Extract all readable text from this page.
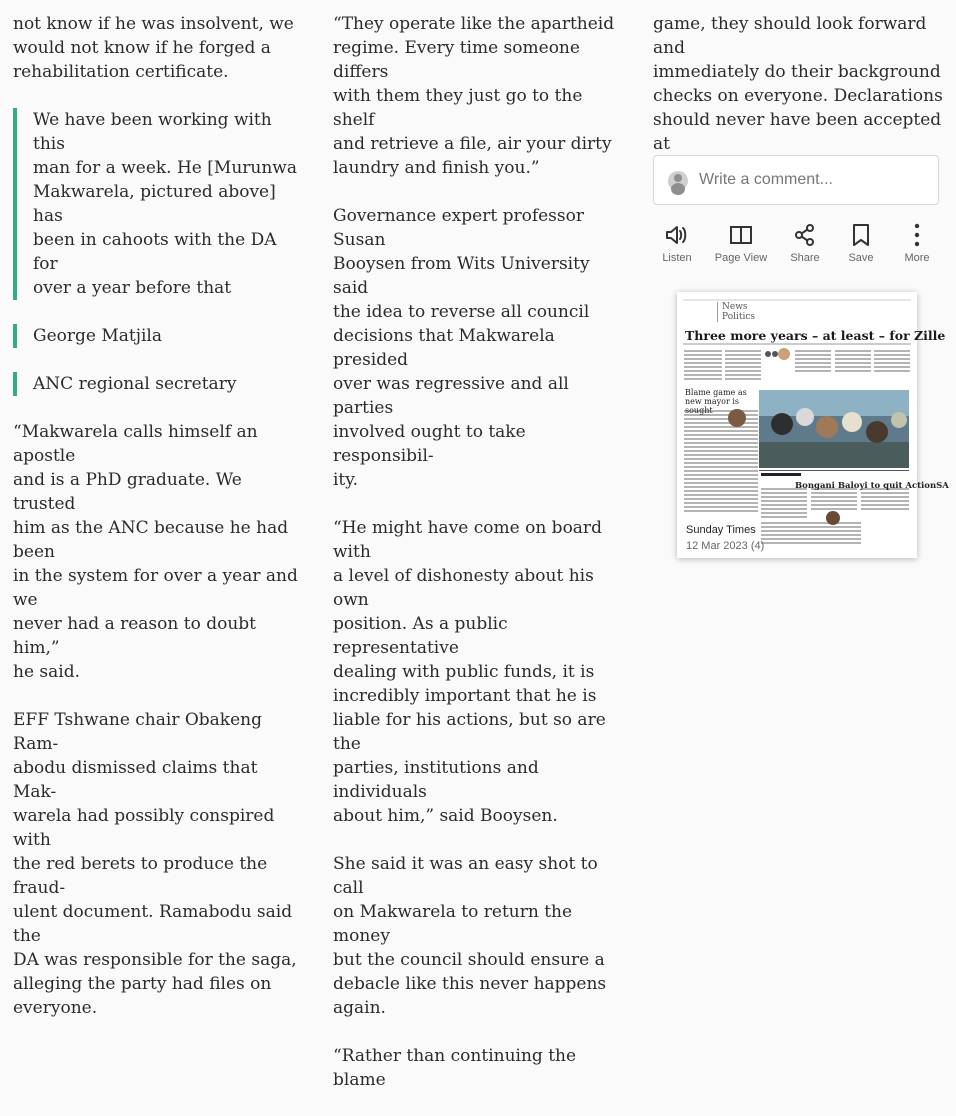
not know if he was insolvent, we
would not know if he forged a
rehabilitation certificate.

We have been working with this
man for a week. He [Murunwa
Makwarela, pictured above] has
been in cahoots with the DA for
over a year before that

George Matjila

ANC regional secretary

“Makwarela calls himself an apostle
and is a PhD graduate. We trusted
him as the ANC because he had been
in the system for over a year and we
never had a reason to doubt him,”
he said.

EFF Tshwane chair Obakeng Ram-
abodu dismissed claims that Mak-
warela had possibly conspired with
the red berets to produce the fraud-
ulent document. Ramabodu said the
DA was responsible for the saga,
alleging the party had files on
everyone.

“They operate like the apartheid
regime. Every time someone differs
with them they just go to the shelf
and retrieve a file, air your dirty
laundry and finish you.”

Governance expert professor Susan
Booysen from Wits University said
the idea to reverse all council
decisions that Makwarela presided
over was regressive and all parties
involved ought to take responsibil-
ity.

“He might have come on board with
a level of dishonesty about his own
position. As a public representative
dealing with public funds, it is
incredibly important that he is
liable for his actions, but so are the
parties, institutions and individuals
about him,” said Booysen.

She said it was an easy shot to call
on Makwarela to return the money
but the council should ensure a
debacle like this never happens
again.

“Rather than continuing the blame

game, they should look forward and
immediately do their background
checks on everyone. Declarations
should never have been accepted at

Write a comment...
Listen	Page View	Share	Save	More
News
Politics
Three more years – at least – for Zille
Blame game as new mayor is sought
Bongani Baloyi to quit ActionSA
Sunday Times
12 Mar 2023 (4)
